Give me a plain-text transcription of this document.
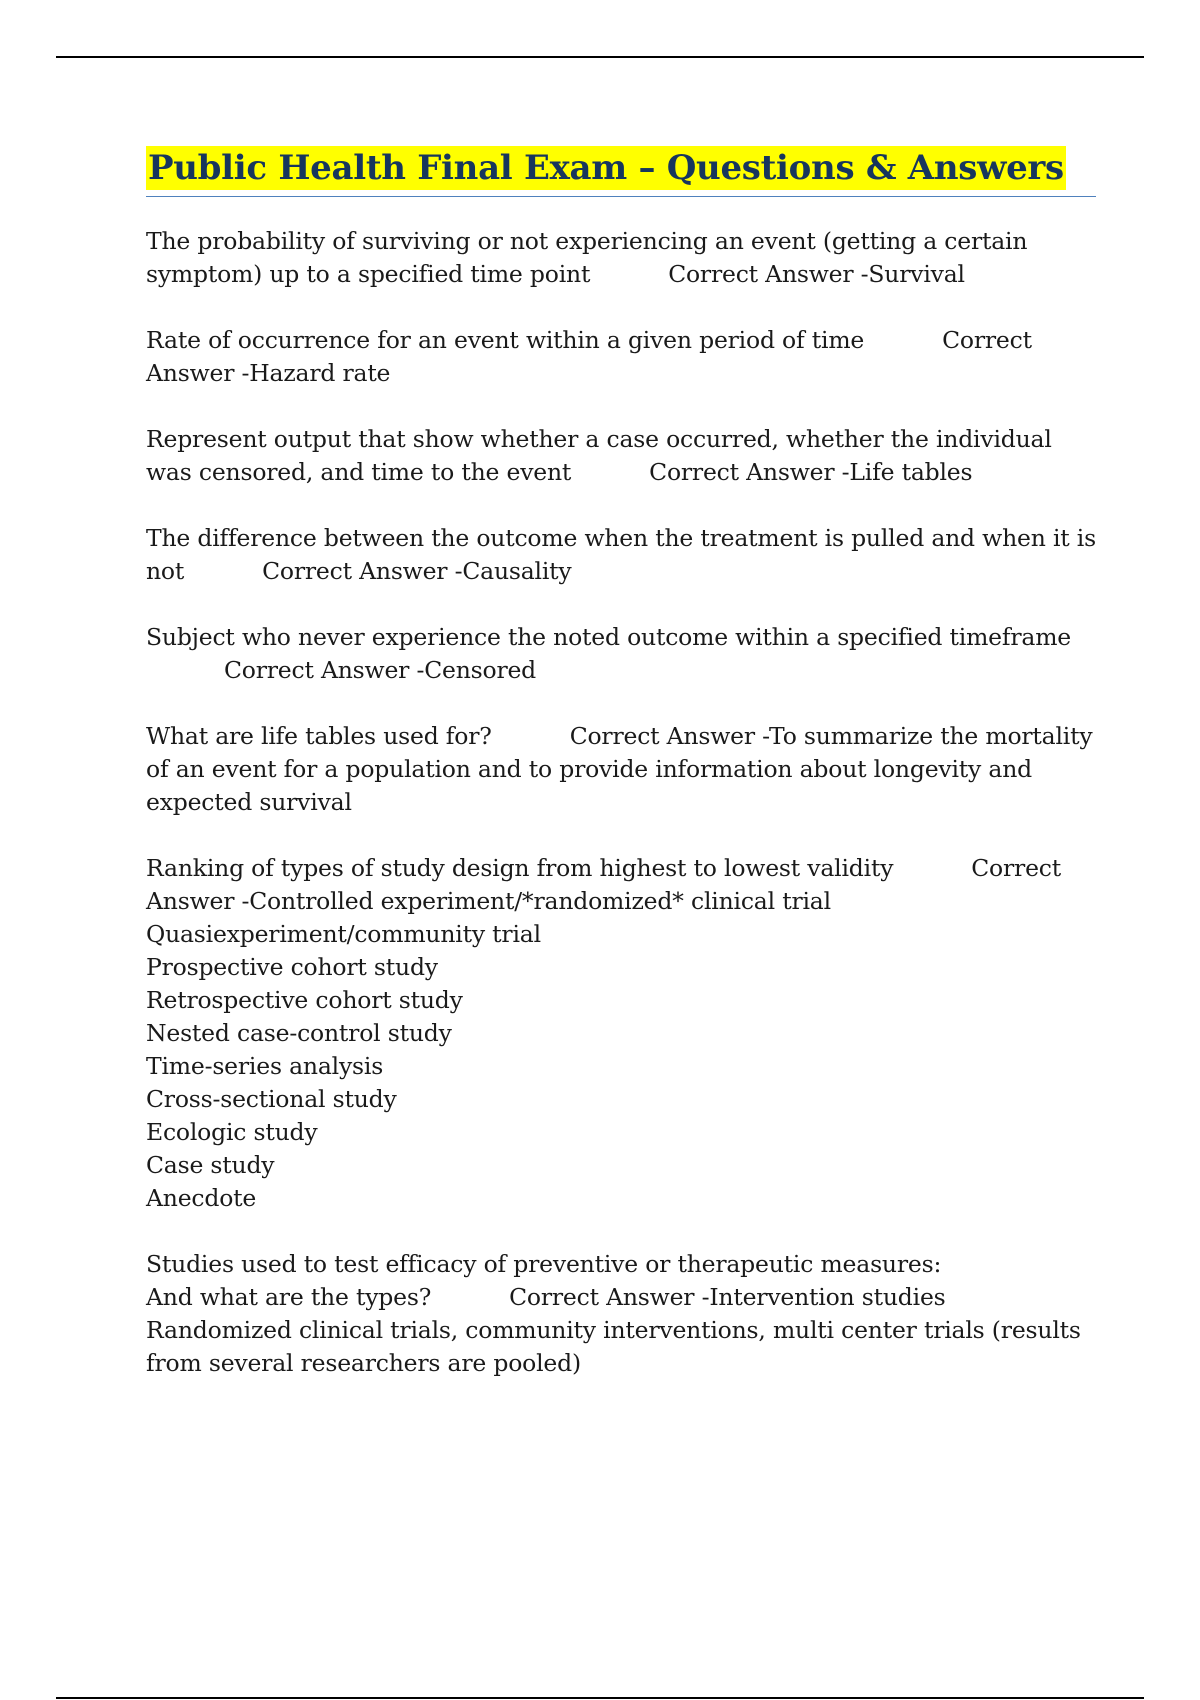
Public Health Final Exam – Questions & Answers
The probability of surviving or not experiencing an event (getting a certain symptom) up to a specified time point	Correct Answer -Survival
Rate of occurrence for an event within a given period of time	Correct Answer -Hazard rate
Represent output that show whether a case occurred, whether the individual was censored, and time to the event	Correct Answer -Life tables
The difference between the outcome when the treatment is pulled and when it is not	Correct Answer -Causality
Subject who never experience the noted outcome within a specified timeframeCorrect Answer -Censored
What are life tables used for?	Correct Answer -To summarize the mortality of an event for a population and to provide information about longevity and expected survival
Ranking of types of study design from highest to lowest validity	Correct Answer -Controlled experiment/*randomized* clinical trial
Quasiexperiment/community trial
Prospective cohort study
Retrospective cohort study
Nested case-control study
Time-series analysis
Cross-sectional study
Ecologic study
Case study
Anecdote
Studies used to test efficacy of preventive or therapeutic measures:
And what are the types?	Correct Answer -Intervention studies
Randomized clinical trials, community interventions, multi center trials (results from several researchers are pooled)
